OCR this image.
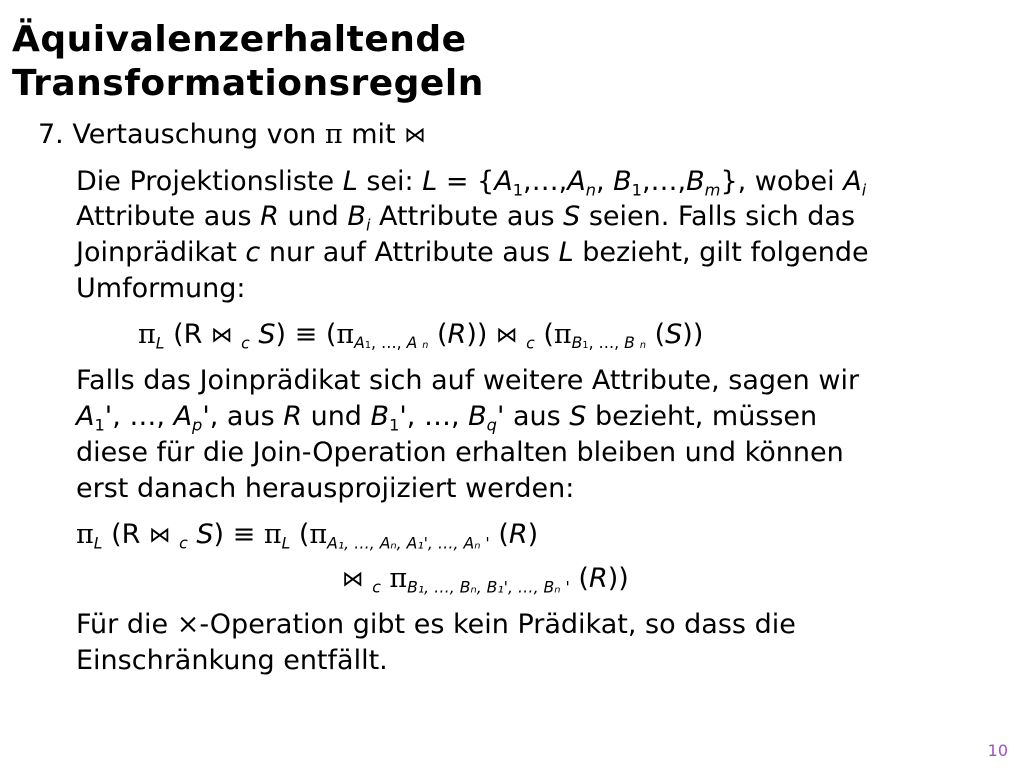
Äquivalenzerhaltende
Transformationsregeln
7. Vertauschung von π mit ⋈
Die Projektionsliste L sei: $L = \{A_1,\dots,A_n$, $B_1,\dots,B_m$}, wobei $A_i$
Attribute aus R und $B_i$ Attribute aus S seien. Falls sich das
Joinprädikat c nur auf Attribute aus L bezieht, gilt folgende
Umformung:
$\pi_L$ (R ⋈ $_c$ $S) \equiv (\pi_{A1, \dots, A n}$ (R)) ⋈ $_c$ ($\pi_{B1, \dots, B n}$ (S))
Falls das Joinprädikat sich auf weitere Attribute, sagen wir
$A_1'$, …, $A_p'$, aus R und $B_1'$, …, $B_q'$ aus S bezieht, müssen
diese für die Join-Operation erhalten bleiben und können
erst danach herausprojiziert werden:
$\pi_L$ (R ⋈ $_c$ $S) \equiv \pi_L$ ($\pi_{A_1, \dots, A_n, A_1', \dots, A_n '}$ (R)
⋈ $_c$ $\pi_{B_1, \dots, B_n, B_1', \dots, B_n '}$ (R))
Für die ×-Operation gibt es kein Prädikat, so dass die
Einschränkung entfällt.
10
